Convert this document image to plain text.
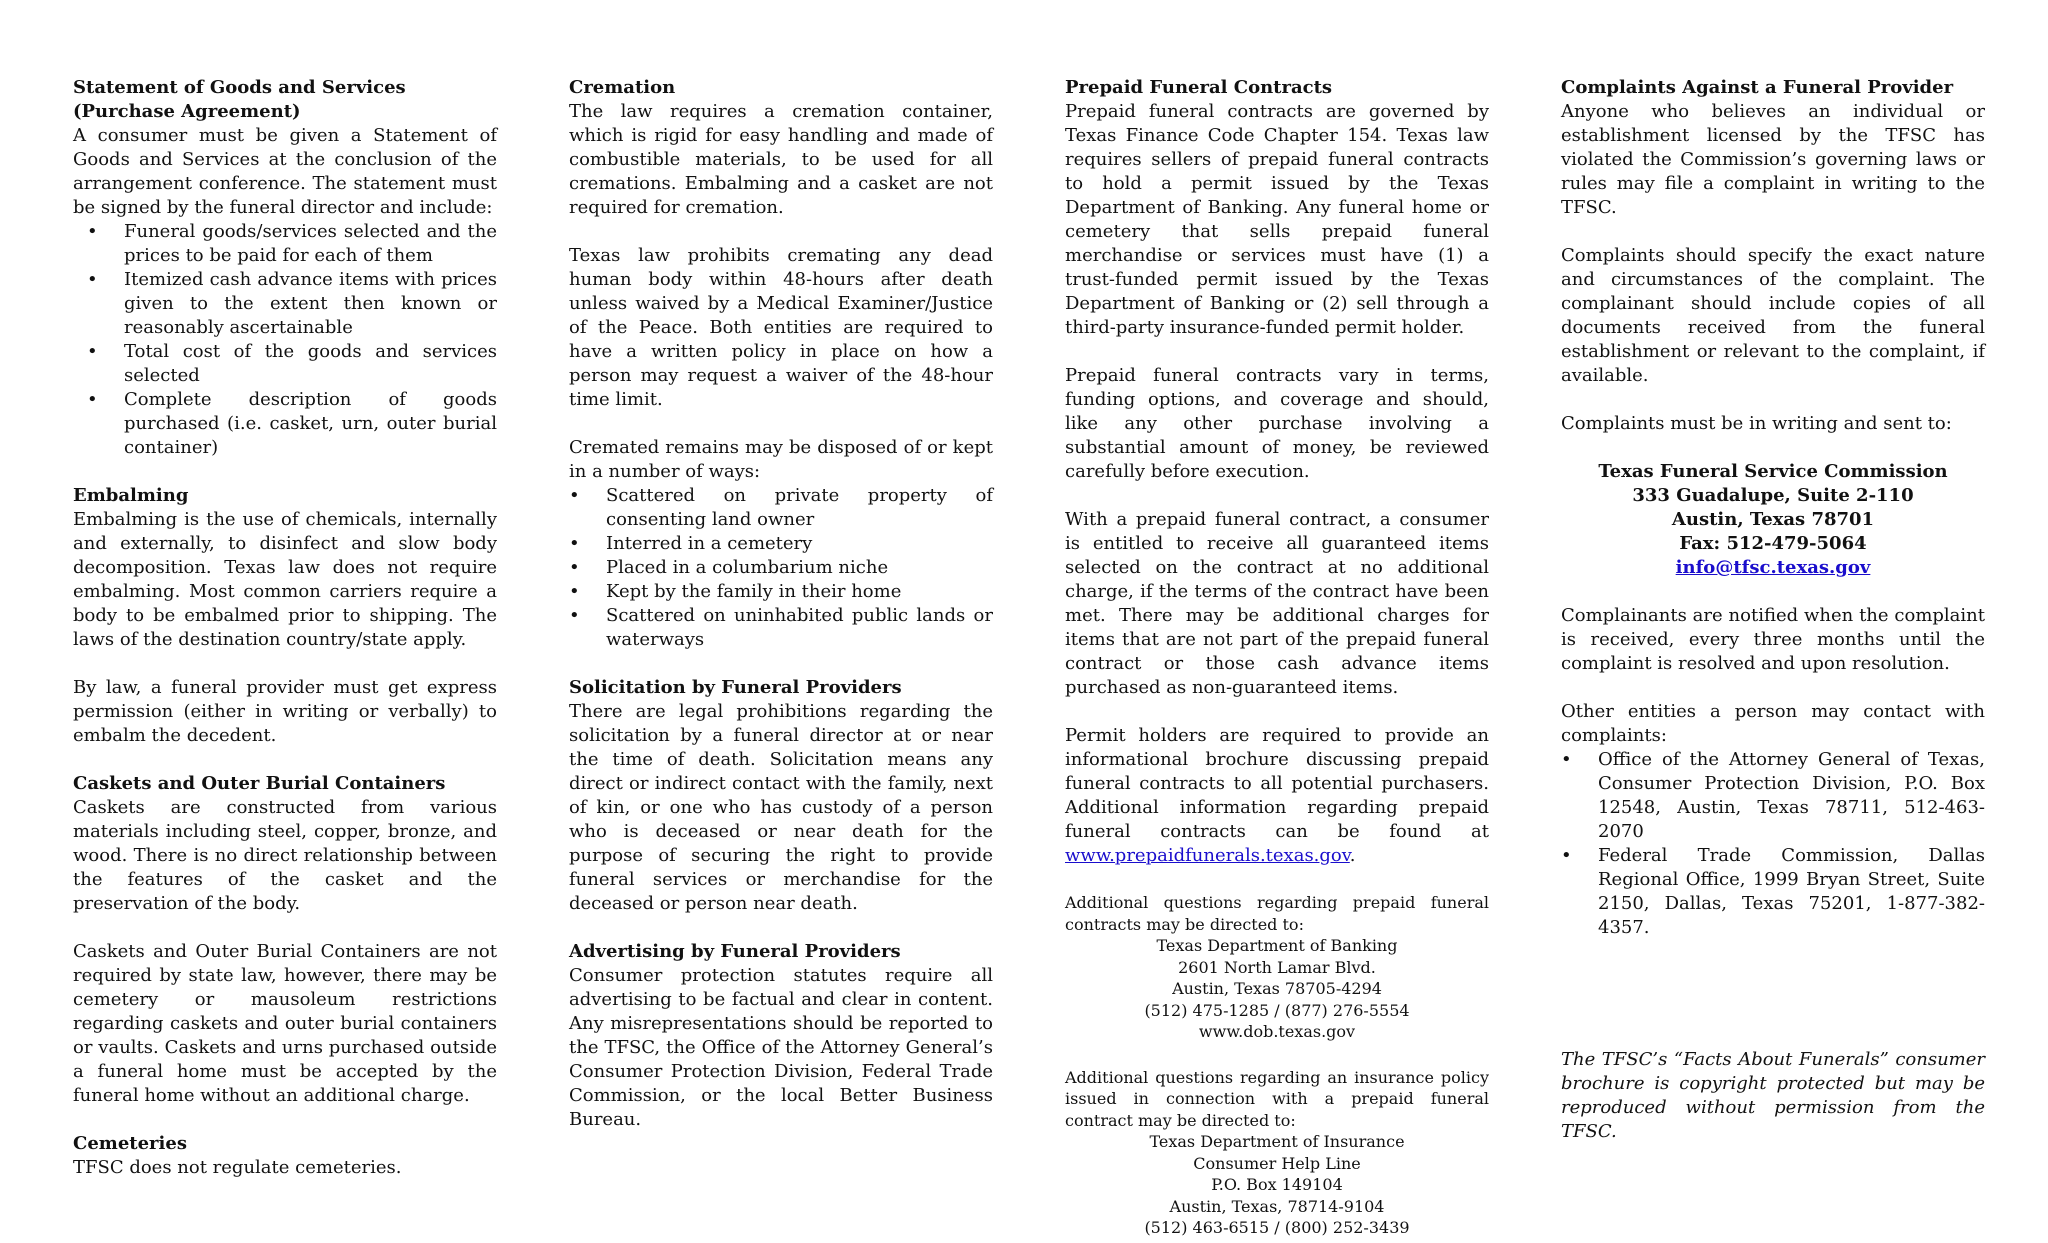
Statement of Goods and Services (Purchase Agreement)
A consumer must be given a Statement of Goods and Services at the conclusion of the arrangement conference. The statement must be signed by the funeral director and include:
• Funeral goods/services selected and the prices to be paid for each of them
• Itemized cash advance items with prices given to the extent then known or reasonably ascertainable
• Total cost of the goods and services selected
• Complete description of goods purchased (i.e. casket, urn, outer burial container)
Embalming

Embalming is the use of chemicals, internally and externally, to disinfect and slow body decomposition. Texas law does not require embalming. Most common carriers require a body to be embalmed prior to shipping. The laws of the destination country/state apply.

By law, a funeral provider must get express permission (either in writing or verbally) to embalm the decedent.

Caskets and Outer Burial Containers

Caskets are constructed from various materials including steel, copper, bronze, and wood. There is no direct relationship between the features of the casket and the preservation of the body.

Caskets and Outer Burial Containers are not required by state law, however, there may be cemetery or mausoleum restrictions regarding caskets and outer burial containers or vaults. Caskets and urns purchased outside a funeral home must be accepted by the funeral home without an additional charge.

Cemeteries

TFSC does not regulate cemeteries.

Cremation

The law requires a cremation container, which is rigid for easy handling and made of combustible materials, to be used for all cremations. Embalming and a casket are not required for cremation.

Texas law prohibits cremating any dead human body within 48-hours after death unless waived by a Medical Examiner/Justice of the Peace. Both entities are required to have a written policy in place on how a person may request a waiver of the 48-hour time limit.

Cremated remains may be disposed of or kept in a number of ways:
• Scattered on private property of consenting land owner
• Interred in a cemetery
• Placed in a columbarium niche
• Kept by the family in their home
• Scattered on uninhabited public lands or waterways
Solicitation by Funeral Providers

There are legal prohibitions regarding the solicitation by a funeral director at or near the time of death. Solicitation means any direct or indirect contact with the family, next of kin, or one who has custody of a person who is deceased or near death for the purpose of securing the right to provide funeral services or merchandise for the deceased or person near death.

Advertising by Funeral Providers

Consumer protection statutes require all advertising to be factual and clear in content. Any misrepresentations should be reported to the TFSC, the Office of the Attorney General’s Consumer Protection Division, Federal Trade Commission, or the local Better Business Bureau.

Prepaid Funeral Contracts

Prepaid funeral contracts are governed by Texas Finance Code Chapter 154. Texas law requires sellers of prepaid funeral contracts to hold a permit issued by the Texas Department of Banking. Any funeral home or cemetery that sells prepaid funeral merchandise or services must have (1) a trust-funded permit issued by the Texas Department of Banking or (2) sell through a third-party insurance-funded permit holder.

Prepaid funeral contracts vary in terms, funding options, and coverage and should, like any other purchase involving a substantial amount of money, be reviewed carefully before execution.

With a prepaid funeral contract, a consumer is entitled to receive all guaranteed items selected on the contract at no additional charge, if the terms of the contract have been met. There may be additional charges for items that are not part of the prepaid funeral contract or those cash advance items purchased as non-guaranteed items.

Permit holders are required to provide an informational brochure discussing prepaid funeral contracts to all potential purchasers. Additional information regarding prepaid funeral contracts can be found at www.prepaidfunerals.texas.gov.

Additional questions regarding prepaid funeral contracts may be directed to:
Texas Department of Banking
2601 North Lamar Blvd.
Austin, Texas 78705-4294
(512) 475-1285 / (877) 276-5554
www.dob.texas.gov
Additional questions regarding an insurance policy issued in connection with a prepaid funeral contract may be directed to:
Texas Department of Insurance
Consumer Help Line
P.O. Box 149104
Austin, Texas, 78714-9104
(512) 463-6515 / (800) 252-3439
Complaints Against a Funeral Provider

Anyone who believes an individual or establishment licensed by the TFSC has violated the Commission’s governing laws or rules may file a complaint in writing to the TFSC.

Complaints should specify the exact nature and circumstances of the complaint. The complainant should include copies of all documents received from the funeral establishment or relevant to the complaint, if available.

Complaints must be in writing and sent to:

Texas Funeral Service Commission
333 Guadalupe, Suite 2-110
Austin, Texas 78701
Fax: 512-479-5064
info@tfsc.texas.gov

Complainants are notified when the complaint is received, every three months until the complaint is resolved and upon resolution.

Other entities a person may contact with complaints:
• Office of the Attorney General of Texas, Consumer Protection Division, P.O. Box 12548, Austin, Texas 78711, 512-463-2070
• Federal Trade Commission, Dallas Regional Office, 1999 Bryan Street, Suite 2150, Dallas, Texas 75201, 1-877-382-4357.

The TFSC’s “Facts About Funerals” consumer brochure is copyright protected but may be reproduced without permission from the TFSC.
